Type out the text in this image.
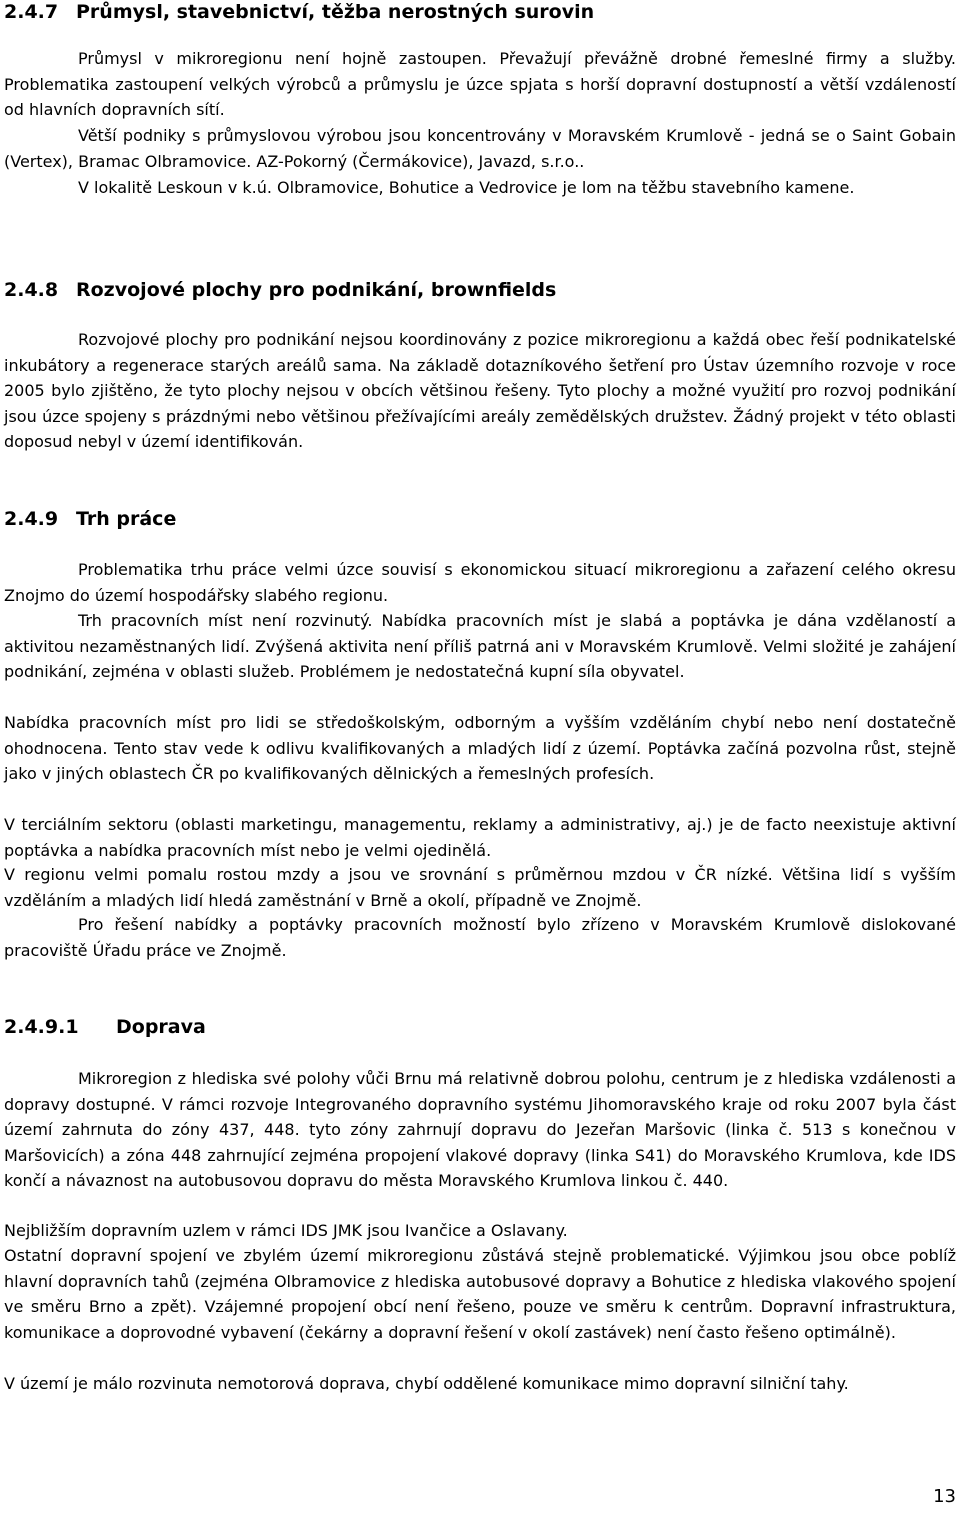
2.4.7 Průmysl, stavebnictví, těžba nerostných surovin

Průmysl v mikroregionu není hojně zastoupen. Převažují převážně drobné řemeslné firmy a služby. Problematika zastoupení velkých výrobců a průmyslu je úzce spjata s horší dopravní dostupností a větší vzdáleností od hlavních dopravních sítí.

Větší podniky s průmyslovou výrobou jsou koncentrovány v Moravském Krumlově - jedná se o Saint Gobain (Vertex), Bramac Olbramovice. AZ-Pokorný (Čermákovice), Javazd, s.r.o..

V lokalitě Leskoun v k.ú. Olbramovice, Bohutice a Vedrovice je lom na těžbu stavebního kamene.

2.4.8 Rozvojové plochy pro podnikání, brownfields

Rozvojové plochy pro podnikání nejsou koordinovány z pozice mikroregionu a každá obec řeší podnikatelské inkubátory a regenerace starých areálů sama. Na základě dotazníkového šetření pro Ústav územního rozvoje v roce 2005 bylo zjištěno, že tyto plochy nejsou v obcích většinou řešeny. Tyto plochy a možné využití pro rozvoj podnikání jsou úzce spojeny s prázdnými nebo většinou přežívajícími areály zemědělských družstev. Žádný projekt v této oblasti doposud nebyl v území identifikován.

2.4.9 Trh práce

Problematika trhu práce velmi úzce souvisí s ekonomickou situací mikroregionu a zařazení celého okresu Znojmo do území hospodářsky slabého regionu.

Trh pracovních míst není rozvinutý. Nabídka pracovních míst je slabá a poptávka je dána vzdělaností a aktivitou nezaměstnaných lidí. Zvýšená aktivita není příliš patrná ani v Moravském Krumlově. Velmi složité je zahájení podnikání, zejména v oblasti služeb. Problémem je nedostatečná kupní síla obyvatel.

Nabídka pracovních míst pro lidi se středoškolským, odborným a vyšším vzděláním chybí nebo není dostatečně ohodnocena. Tento stav vede k odlivu kvalifikovaných a mladých lidí z území. Poptávka začíná pozvolna růst, stejně jako v jiných oblastech ČR po kvalifikovaných dělnických a řemeslných profesích.

V terciálním sektoru (oblasti marketingu, managementu, reklamy a administrativy, aj.) je de facto neexistuje aktivní poptávka a nabídka pracovních míst nebo je velmi ojedinělá.

V regionu velmi pomalu rostou mzdy a jsou ve srovnání s průměrnou mzdou v ČR nízké. Většina lidí s vyšším vzděláním a mladých lidí hledá zaměstnání v Brně a okolí, případně ve Znojmě.

Pro řešení nabídky a poptávky pracovních možností bylo zřízeno v Moravském Krumlově dislokované pracoviště Úřadu práce ve Znojmě.

2.4.9.1 Doprava

Mikroregion z hlediska své polohy vůči Brnu má relativně dobrou polohu, centrum je z hlediska vzdálenosti a dopravy dostupné. V rámci rozvoje Integrovaného dopravního systému Jihomoravského kraje od roku 2007 byla část území zahrnuta do zóny 437, 448. tyto zóny zahrnují dopravu do Jezeřan Maršovic (linka č. 513 s konečnou v Maršovicích) a zóna 448 zahrnující zejména propojení vlakové dopravy (linka S41) do Moravského Krumlova, kde IDS končí a návaznost na autobusovou dopravu do města Moravského Krumlova linkou č. 440.

Nejbližším dopravním uzlem v rámci IDS JMK jsou Ivančice a Oslavany.

Ostatní dopravní spojení ve zbylém území mikroregionu zůstává stejně problematické. Výjimkou jsou obce poblíž hlavní dopravních tahů (zejména Olbramovice z hlediska autobusové dopravy a Bohutice z hlediska vlakového spojení ve směru Brno a zpět). Vzájemné propojení obcí není řešeno, pouze ve směru k centrům. Dopravní infrastruktura, komunikace a doprovodné vybavení (čekárny a dopravní řešení v okolí zastávek) není často řešeno optimálně).

V území je málo rozvinuta nemotorová doprava, chybí oddělené komunikace mimo dopravní silniční tahy.

13
